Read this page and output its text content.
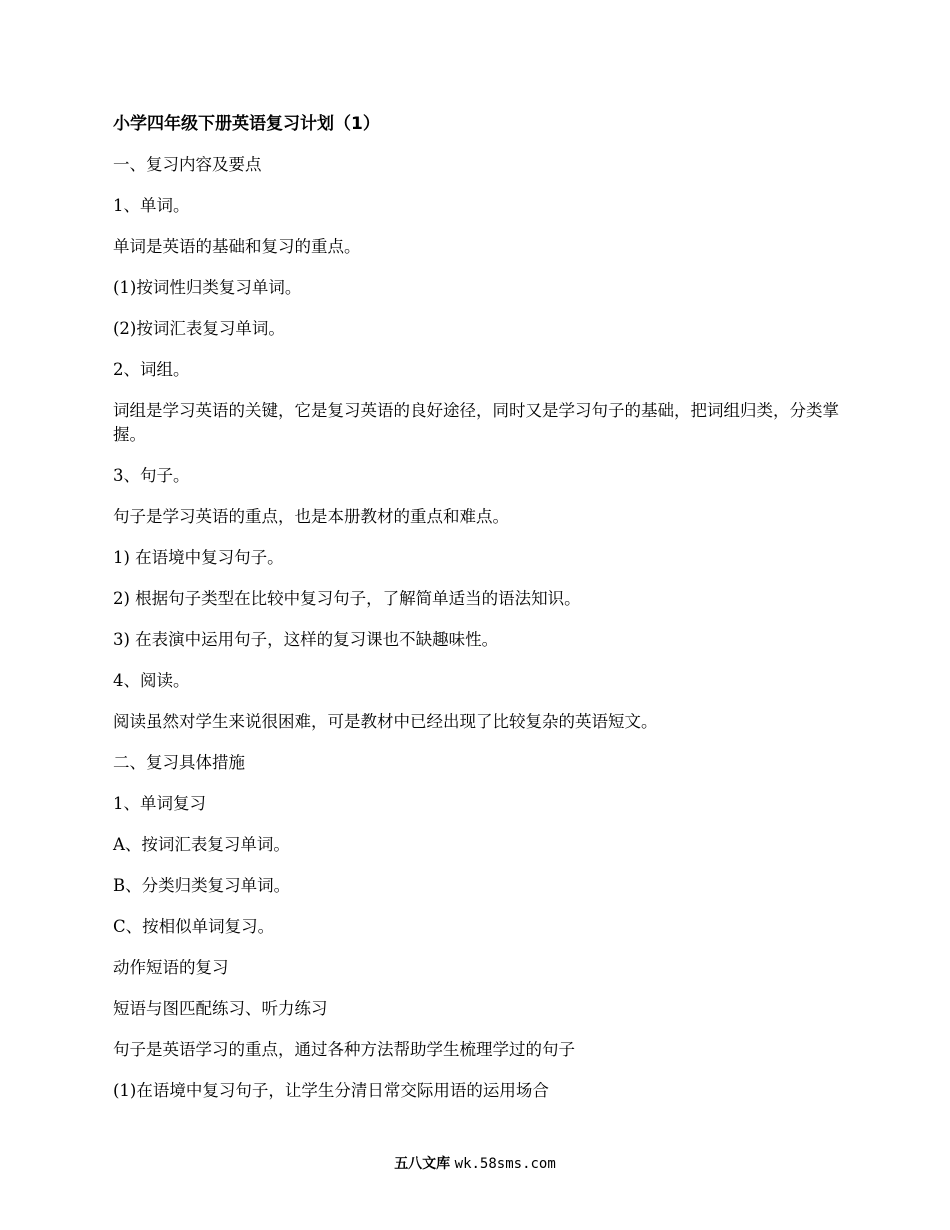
小学四年级下册英语复习计划（1）
一、复习内容及要点
1、单词。
单词是英语的基础和复习的重点。
(1)按词性归类复习单词。
(2)按词汇表复习单词。
2、词组。
词组是学习英语的关键，它是复习英语的良好途径，同时又是学习句子的基础，把词组归类，分类掌握。
3、句子。
句子是学习英语的重点，也是本册教材的重点和难点。
1) 在语境中复习句子。
2) 根据句子类型在比较中复习句子，了解简单适当的语法知识。
3) 在表演中运用句子，这样的复习课也不缺趣味性。
4、阅读。
阅读虽然对学生来说很困难，可是教材中已经出现了比较复杂的英语短文。
二、复习具体措施
1、单词复习
A、按词汇表复习单词。
B、分类归类复习单词。
C、按相似单词复习。
动作短语的复习
短语与图匹配练习、听力练习
句子是英语学习的重点，通过各种方法帮助学生梳理学过的句子
(1)在语境中复习句子，让学生分清日常交际用语的运用场合
五八文库 wk.58sms.com
